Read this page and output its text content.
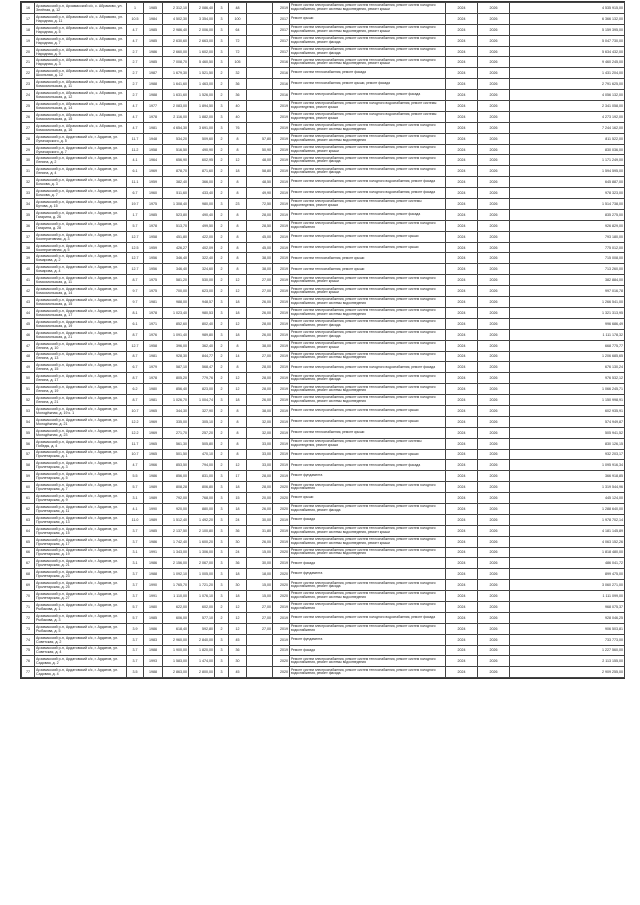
16	Арзамасский р-н, Арзамасский с/с, с. Абрамово, ул. Зелёная, д. 12	1	1985	2 312,10	2 086,40	3	48		2019	Ремонт систем электроснабжения, ремонт систем теплоснабжения, ремонт систем холодного водоснабжения, ремонт системы водоотведения, ремонт крыши	2024	2026	4 535 915,00
17	Арзамасский р-н, Абрамовский с/с, с. Абрамово, ул. Народная, д. 11	10.5	1984	4 502,30	3 354,00	3	100		2017	Ремонт крыши	2024	2026	6 366 132,00
18	Арзамасский р-н, Абрамовский с/с, с. Абрамово, ул. Народная, д. 5	4.7	1985	2 986,40	2 006,00	3	64		2017	Ремонт систем электроснабжения, ремонт систем теплоснабжения, ремонт систем холодного водоснабжения, ремонт системы водоотведения, ремонт крыши	2024	2026	5 159 395,00
19	Арзамасский р-н, Абрамовский с/с, с. Абрамово, ул. Народная, д. 7	4.7	1985	2 630,60	2 663,00	3	72		2017	Ремонт систем электроснабжения, ремонт систем теплоснабжения, ремонт систем холодного водоснабжения, ремонт фасада	2024	2026	5 047 730,00
20	Арзамасский р-н, Абрамовский с/с, с. Абрамово, ул. Народная, д. 9	2.7	1986	2 660,00	1 602,00	3	72		2017	Ремонт систем электроснабжения, ремонт систем теплоснабжения, ремонт систем холодного водоснабжения, ремонт фасада	2024	2026	5 634 432,00
21	Арзамасский р-н, Абрамовский с/с, с. Абрамово, ул. Народная, д. 3	2.7	1985	7 008,70	5 460,50	3	105		2016	Ремонт систем электроснабжения, ремонт систем теплоснабжения, ремонт систем холодного водоснабжения, ремонт системы водоотведения, ремонт крыши	2024	2026	9 460 245,00
22	Арзамасский р-н, Абрамовский с/с, с. Абрамово, ул. Школьная, д. 12	2.7	1987	1 679,30	1 521,50	2	32		2016	Ремонт систем теплоснабжения, ремонт фасада	2024	2026	1 431 204,00
23	Арзамасский р-н, Абрамовский с/с, с. Абрамово, ул. Комсомольская, д. 11	2.7	1988	1 641,60	1 463,00	2	36		2016	Ремонт систем теплоснабжения, ремонт крыши, ремонт фасада	2024	2026	2 791 625,00
24	Арзамасский р-н, Абрамовский с/с, с. Абрамово, ул. Комсомольская, д. 12	2.7	1988	1 631,60	1 526,00	2	36		2016	Ремонт систем электроснабжения, ремонт систем теплоснабжения, ремонт фасада	2024	2026	4 056 132,00
25	Арзамасский р-н, Абрамовский с/с, с. Абрамово, ул. Комсомольская, д. 14	4.7	1977	2 083,00	1 894,50	3	40		2019	Ремонт систем электроснабжения, ремонт систем холодного водоснабжения, ремонт системы водоотведения, ремонт крыши	2024	2026	2 341 058,00
26	Арзамасский р-н, Абрамовский с/с, с. Абрамово, ул. Комсомольская, д. 15	4.7	1978	2 116,00	1 882,00	3	40		2019	Ремонт систем электроснабжения, ремонт систем холодного водоснабжения, ремонт системы водоотведения, ремонт крыши	2024	2026	4 273 192,00
27	Арзамасский р-н, Абрамовский с/с, с. Абрамово, ул. Комсомольская, д. 16	4.7	1981	4 654,30	3 691,00	3	76		2019	Ремонт систем электроснабжения, ремонт систем теплоснабжения, ремонт систем холодного водоснабжения, ремонт системы водоотведения	2024	2026	7 244 162,00
28	Арзамасский р-н, Ардатовский с/с, г. Ардатов, ул. Луначарского, д. 5	11.7	1948	534,20	509,60	2	8	57,80	2019	Ремонт систем электроснабжения, ремонт систем теплоснабжения, ремонт систем холодного водоснабжения, ремонт системы водоотведения	2024	2026	811 522,00
29	Арзамасский р-н, Ардатовский с/с, г. Ардатов, ул. Луначарского, д. 7	11.2	1958	516,50	490,90	2	8	50,90	2019	Ремонт систем электроснабжения, ремонт систем теплоснабжения, ремонт систем холодного водоснабжения, ремонт крыши	2024	2026	830 036,00
30	Арзамасский р-н, Ардатовский с/с, г. Ардатов, ул. Ленина, д. 2	4.1	1964	656,90	602,95	2	12	48,00	2019	Ремонт систем электроснабжения, ремонт систем теплоснабжения, ремонт систем холодного водоснабжения, ремонт фасада	2024	2026	1 171 249,00
31	Арзамасский р-н, Ардатовский с/с, г. Ардатов, ул. Ленина, д. 4	6.1	1969	878,70	871,60	2	18	58,80	2019	Ремонт систем электроснабжения, ремонт систем теплоснабжения, ремонт систем холодного водоснабжения, ремонт фасада	2024	2026	1 594 595,00
32	Арзамасский р-н, Ардатовский с/с, г. Ардатов, ул. Бочкова, д. 3	11.1	1959	382,40	366,00	2	8	48,50	2019	Ремонт систем электроснабжения, ремонт систем холодного водоснабжения, ремонт фасада	2024	2026	645 887,00
33	Арзамасский р-н, Ардатовский с/с, г. Ардатов, ул. Бочкова, д. 7	6.7	1960	511,60	433,40	2	8	49,90	2019	Ремонт систем электроснабжения, ремонт систем холодного водоснабжения, ремонт фасада	2024	2026	978 323,00
34	Арзамасский р-н, Ардатовский с/с, г. Ардатов, ул. Бутова, д. 15	19.7	1975	1 308,40	980,00	3	23	72,50	2019	Ремонт систем электроснабжения, ремонт систем теплоснабжения, ремонт системы водоотведения, ремонт крыши	2024	2026	1 514 738,00
35	Арзамасский р-н, Ардатовский с/с, г. Ардатов, ул. Гагарина, д. 26	1.7	1985	523,80	490,40	2	8	28,00	2019	Ремонт систем электроснабжения, ремонт систем теплоснабжения, ремонт фасада	2024	2026	835 275,00
36	Арзамасский р-н, Ардатовский с/с, г. Ардатов, ул. Гагарина, д. 28	5.7	1978	513,70	499,50	2	8	28,50	2019	Ремонт систем электроснабжения, ремонт систем теплоснабжения, ремонт систем холодного водоснабжения	2024	2026	926 829,00
37	Арзамасский р-н, Ардатовский с/с, г. Ардатов, ул. Кооперативная, д. 3	12.7	1958	451,80	422,00	2	8	45,00	2019	Ремонт систем электроснабжения, ремонт систем теплоснабжения, ремонт крыши	2024	2026	793 180,00
38	Арзамасский р-н, Ардатовский с/с, г. Ардатов, ул. Кооперативная, д. 5	12.5	1959	426,27	402,09	2	8	45,00	2019	Ремонт систем электроснабжения, ремонт систем теплоснабжения, ремонт крыши	2024	2026	775 012,00
39	Арзамасский р-н, Ардатовский с/с, г. Ардатов, ул. Комарова, д. 2	12.7	1956	346,40	322,40	2	8	38,00	2019	Ремонт систем теплоснабжения, ремонт крыши	2024	2026	715 008,00
40	Арзамасский р-н, Ардатовский с/с, г. Ардатов, ул. Комарова, д. 4	12.7	1956	346,40	324,60	2	8	38,00	2019	Ремонт систем теплоснабжения, ремонт крыши	2024	2026	713 260,00
41	Арзамасский р-н, Ардатовский с/с, г. Ардатов, ул. Комсомольская, д. 11	8.7	1975	581,20	530,00	2	12	27,00	2019	Ремонт систем электроснабжения, ремонт систем теплоснабжения, ремонт систем холодного водоснабжения, ремонт крыши	2024	2026	382 884,00
42	Арзамасский р-н, Ардатовский с/с, г. Ардатов, ул. Комсомольская, д. 14	9.7	1975	700,00	623,00	2	12	27,00	2019	Ремонт систем электроснабжения, ремонт систем теплоснабжения, ремонт систем холодного водоснабжения, ремонт крыши	2024	2026	997 016,78
43	Арзамасский р-н, Ардатовский с/с, г. Ардатов, ул. Комсомольская, д. 15	9.7	1981	988,00	948,57	3	18	26,00	2019	Ремонт систем электроснабжения, ремонт систем теплоснабжения, ремонт систем холодного водоснабжения, ремонт системы водоотведения	2024	2026	1 266 541,00
44	Арзамасский р-н, Ардатовский с/с, г. Ардатов, ул. Комсомольская, д. 17	8.1	1978	1 023,40	980,53	3	18	26,00	2019	Ремонт систем электроснабжения, ремонт систем теплоснабжения, ремонт систем холодного водоснабжения, ремонт системы водоотведения	2024	2026	1 321 313,95
45	Арзамасский р-н, Ардатовский с/с, г. Ардатов, ул. Комсомольская, д. 19	6.1	1971	852,60	802,40	2	12	28,00	2019	Ремонт систем электроснабжения, ремонт систем теплоснабжения, ремонт систем холодного водоснабжения, ремонт фасада	2024	2026	996 686,49
46	Арзамасский р-н, Ардатовский с/с, г. Ардатов, ул. Комсомольская, д. 21	8.7	1976	1 091,40	989,80	3	18	26,00	2019	Ремонт систем электроснабжения, ремонт систем теплоснабжения, ремонт систем холодного водоснабжения, ремонт фасада	2024	2026	1 111 178,32
47	Арзамасский р-н, Ардатовский с/с, г. Ардатов, ул. Ленина, д. 10	12.7	1958	396,00	362,40	2	8	38,00	2019	Ремонт систем электроснабжения, ремонт систем теплоснабжения, ремонт систем холодного водоснабжения, ремонт крыши	2024	2026	668 775,77
48	Арзамасский р-н, Ардатовский с/с, г. Ардатов, ул. Ленина, д. 13	8.7	1981	928,30	844,77	2	14	27,00	2019	Ремонт систем электроснабжения, ремонт систем теплоснабжения, ремонт систем холодного водоснабжения, ремонт системы водоотведения	2024	2026	1 206 685,65
49	Арзамасский р-н, Ардатовский с/с, г. Ардатов, ул. Ленина, д. 15	6.7	1979	587,10	568,47	2	8	28,00	2019	Ремонт систем электроснабжения, ремонт систем холодного водоснабжения, ремонт фасада	2024	2026	676 130,24
50	Арзамасский р-н, Ардатовский с/с, г. Ардатов, ул. Ленина, д. 17	8.7	1978	805,20	779,76	2	12	28,00	2019	Ремонт систем электроснабжения, ремонт систем теплоснабжения, ремонт систем холодного водоснабжения, ремонт фасада	2024	2026	976 532,12
51	Арзамасский р-н, Ардатовский с/с, г. Ардатов, ул. Ленина, д. 19	6.2	1980	856,40	823,00	2	12	28,00	2019	Ремонт систем электроснабжения, ремонт систем теплоснабжения, ремонт систем холодного водоснабжения, ремонт системы водоотведения	2024	2026	1 066 245,71
52	Арзамасский р-н, Ардатовский с/с, г. Ардатов, ул. Ленина, д. 21	8.7	1981	1 026,70	1 004,74	3	18	26,00	2019	Ремонт систем электроснабжения, ремонт систем теплоснабжения, ремонт систем холодного водоснабжения, ремонт системы водоотведения	2024	2026	1 150 998,91
53	Арзамасский р-н, Ардатовский с/с, г. Ардатов, ул. Молодёжная, д. 19 к. 1	10.7	1965	344,30	327,90	2	8	38,00	2019	Ремонт систем электроснабжения, ремонт систем теплоснабжения, ремонт крыши	2024	2026	602 935,91
54	Арзамасский р-н, Ардатовский с/с, г. Ардатов, ул. Молодёжная, д. 21	12.2	1969	335,00	305,10	2	8	32,00	2019	Ремонт систем электроснабжения, ремонт систем теплоснабжения, ремонт крыши	2024	2026	574 949,87
55	Арзамасский р-н, Ардатовский с/с, г. Ардатов, ул. Молодёжная, д. 23	12.2	1969	271,70	257,20	2	8	32,00	2019	Ремонт систем теплоснабжения, ремонт крыши	2024	2026	505 941,52
56	Арзамасский р-н, Ардатовский с/с, г. Ардатов, ул. Победы, д. 4	11.7	1965	561,30	505,80	2	8	33,00	2019	Ремонт систем электроснабжения, ремонт систем теплоснабжения, ремонт системы водоотведения, ремонт крыши	2024	2026	830 126,15
57	Арзамасский р-н, Ардатовский с/с, г. Ардатов, ул. Пролетарская, д. 1	10.7	1965	501,50	470,10	2	8	33,00	2019	Ремонт систем электроснабжения, ремонт систем теплоснабжения, ремонт крыши	2024	2026	932 203,17
58	Арзамасский р-н, Ардатовский с/с, г. Ардатов, ул. Пролетарская, д. 3	4.7	1966	853,50	794,00	2	12	33,00	2019	Ремонт систем электроснабжения, ремонт систем теплоснабжения, ремонт фасада	2024	2026	1 095 916,34
59	Арзамасский р-н, Ардатовский с/с, г. Ардатов, ул. Пролетарская, д. 5	5.5	1986	856,00	831,00	3	17	28,00	2019	Ремонт фундамента	2024	2026	366 918,85
60	Арзамасский р-н, Ардатовский с/с, г. Ардатов, ул. Пролетарская, д. 7	5.7	1989	808,28	806,80	3	18	28,00	2020	Ремонт систем электроснабжения, ремонт систем теплоснабжения, ремонт систем холодного водоснабжения	2024	2026	1 319 544,96
61	Арзамасский р-н, Ардатовский с/с, г. Ардатов, ул. Пролетарская, д. 9	3.1	1989	792,00	768,00	3	15	20,00	2020	Ремонт крыши	2024	2026	445 124,00
62	Арзамасский р-н, Ардатовский с/с, г. Ардатов, ул. Пролетарская, д. 11	4.1	1990	920,00	880,00	3	18	26,00	2020	Ремонт систем электроснабжения, ремонт систем теплоснабжения, ремонт систем холодного водоснабжения, ремонт фасада	2024	2026	1 288 640,00
63	Арзамасский р-н, Ардатовский с/с, г. Ардатов, ул. Пролетарская, д. 13	11.0	1989	1 512,40	1 492,20	3	24	30,00	2019	Ремонт фасада	2024	2026	1 978 702,14
64	Арзамасский р-н, Ардатовский с/с, г. Ардатов, ул. Пролетарская, д. 15	3.7	1985	2 137,50	2 100,80	3	36	31,80	2019	Ремонт систем электроснабжения, ремонт систем теплоснабжения, ремонт систем холодного водоснабжения, ремонт системы водоотведения, ремонт крыши	2024	2026	4 181 145,89
65	Арзамасский р-н, Ардатовский с/с, г. Ардатов, ул. Пролетарская, д. 17	3.7	1986	1 742,40	1 600,20	3	30	26,00	2019	Ремонт систем электроснабжения, ремонт систем теплоснабжения, ремонт систем холодного водоснабжения, ремонт системы водоотведения, ремонт крыши	2024	2026	4 063 152,26
66	Арзамасский р-н, Ардатовский с/с, г. Ардатов, ул. Пролетарская, д. 19	3.1	1991	1 343,00	1 306,00	3	24	15,00	2020	Ремонт систем электроснабжения, ремонт систем теплоснабжения, ремонт систем холодного водоснабжения, ремонт системы водоотведения	2024	2026	1 818 480,00
67	Арзамасский р-н, Ардатовский с/с, г. Ардатов, ул. Пролетарская, д. 21	3.1	1986	2 156,00	2 067,00	3	36	30,00	2019	Ремонт фасада	2024	2026	486 041,72
68	Арзамасский р-н, Ардатовский с/с, г. Ардатов, ул. Пролетарская, д. 23	3.7	1988	1 092,10	1 005,00	3	18	18,00	2020	Ремонт фундамента	2024	2026	899 475,00
69	Арзамасский р-н, Ардатовский с/с, г. Ардатов, ул. Пролетарская, д. 25	3.7	1990	1 765,70	1 721,20	3	30	15,00	2020	Ремонт систем электроснабжения, ремонт систем теплоснабжения, ремонт систем холодного водоснабжения, ремонт фасада	2024	2026	3 060 271,00
70	Арзамасский р-н, Ардатовский с/с, г. Ардатов, ул. Пролетарская, д. 27	3.7	1991	1 110,00	1 076,10	3	18	15,00	2020	Ремонт систем электроснабжения, ремонт систем теплоснабжения, ремонт систем холодного водоснабжения, ремонт системы водоотведения	2024	2026	1 111 099,00
71	Арзамасский р-н, Ардатовский с/с, г. Ардатов, ул. Рыбакова, д. 1	5.7	1980	622,00	602,00	2	12	27,00	2019	Ремонт систем электроснабжения, ремонт систем теплоснабжения, ремонт систем холодного водоснабжения	2024	2026	968 075,37
72	Арзамасский р-н, Ардатовский с/с, г. Ардатов, ул. Рыбакова, д. 3	5.7	1985	606,00	577,10	2	12	27,00	2019	Ремонт систем электроснабжения, ремонт систем холодного водоснабжения, ремонт фасада	2024	2026	928 046,25
73	Арзамасский р-н, Ардатовский с/с, г. Ардатов, ул. Рыбакова, д. 5	3.9	1986	618,40	592,80	2	12	27,00	2019	Ремонт систем электроснабжения, ремонт систем теплоснабжения, ремонт систем холодного водоснабжения	2024	2026	906 503,81
74	Арзамасский р-н, Ардатовский с/с, г. Ардатов, ул. Советская, д. 2	3.7	1983	2 960,00	2 840,00	3	45		2019	Ремонт фундамента	2024	2026	733 773,00
75	Арзамасский р-н, Ардатовский с/с, г. Ардатов, ул. Советская, д. 4	3.7	1988	1 900,00	1 820,00	3	36		2019	Ремонт фасада	2024	2026	1 227 560,00
76	Арзамасский р-н, Ардатовский с/с, г. Ардатов, ул. Садовая, д. 2	3.7	1993	1 583,00	1 474,00	3	30		2020	Ремонт систем электроснабжения, ремонт систем теплоснабжения, ремонт систем холодного водоснабжения, ремонт системы водоотведения	2024	2026	2 113 155,00
77	Арзамасский р-н, Ардатовский с/с, г. Ардатов, ул. Садовая, д. 4	3.5	1988	2 863,00	2 800,00	3	45		2020	Ремонт систем электроснабжения, ремонт систем теплоснабжения, ремонт систем холодного водоснабжения, ремонт фасада	2024	2026	2 909 255,00
